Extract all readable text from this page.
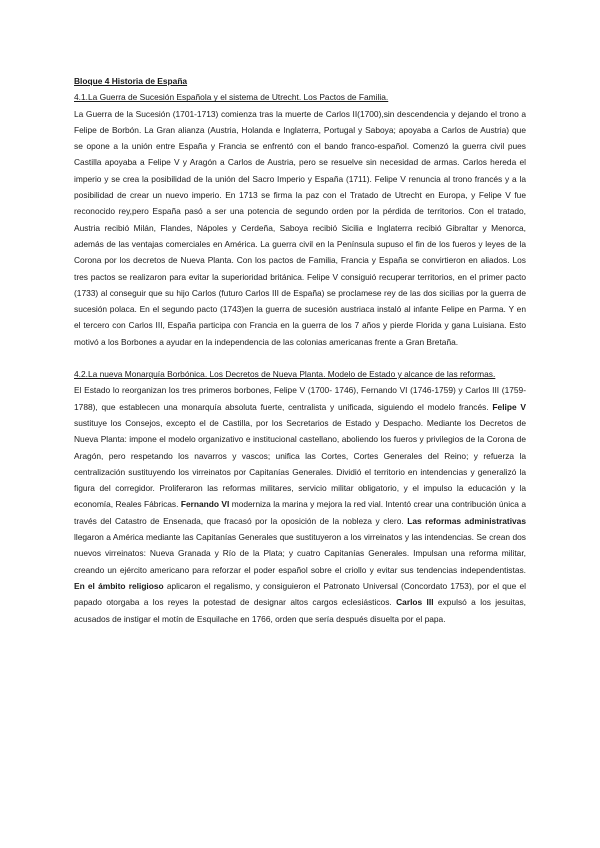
Bloque 4 Historia de España
4.1.La Guerra de Sucesión Española y el sistema de Utrecht. Los Pactos de Familia.

La Guerra de la Sucesión (1701-1713) comienza tras la muerte de Carlos II(1700),sin descendencia y dejando el trono a Felipe de Borbón. La Gran alianza (Austria, Holanda e Inglaterra, Portugal y Saboya; apoyaba a Carlos de Austria) que se opone a la unión entre España y Francia se enfrentó con el bando franco-español. Comenzó la guerra civil pues Castilla apoyaba a Felipe V y Aragón a Carlos de Austria, pero se resuelve sin necesidad de armas. Carlos hereda el imperio y se crea la posibilidad de la unión del Sacro Imperio y España (1711). Felipe V renuncia al trono francés y a la posibilidad de crear un nuevo imperio. En 1713 se firma la paz con el Tratado de Utrecht en Europa, y Felipe V fue reconocido rey,pero España pasó a ser una potencia de segundo orden por la pérdida de territorios. Con el tratado, Austria recibió Milán, Flandes, Nápoles y Cerdeña, Saboya recibió Sicilia e Inglaterra recibió Gibraltar y Menorca, además de las ventajas comerciales en América. La guerra civil en la Península supuso el fin de los fueros y leyes de la Corona por los decretos de Nueva Planta. Con los pactos de Familia, Francia y España se convirtieron en aliados. Los tres pactos se realizaron para evitar la superioridad británica. Felipe V consiguió recuperar territorios, en el primer pacto (1733) al conseguir que su hijo Carlos (futuro Carlos III de España) se proclamese rey de las dos sicilias por la guerra de sucesión polaca. En el segundo pacto (1743)en la guerra de sucesión austriaca instaló al infante Felipe en Parma. Y en el tercero con Carlos III, España participa con Francia en la guerra de los 7 años y pierde Florida y gana Luisiana. Esto motivó a los Borbones a ayudar en la independencia de las colonias americanas frente a Gran Bretaña.

4.2.La nueva Monarquía Borbónica. Los Decretos de Nueva Planta. Modelo de Estado y alcance de las reformas.

El Estado lo reorganizan los tres primeros borbones, Felipe V (1700- 1746), Fernando VI (1746-1759) y Carlos III (1759-1788), que establecen una monarquía absoluta fuerte, centralista y unificada, siguiendo el modelo francés. Felipe V sustituye los Consejos, excepto el de Castilla, por los Secretarios de Estado y Despacho. Mediante los Decretos de Nueva Planta: impone el modelo organizativo e institucional castellano, aboliendo los fueros y privilegios de la Corona de Aragón, pero respetando los navarros y vascos; unifica las Cortes, Cortes Generales del Reino; y refuerza la centralización sustituyendo los virreinatos por Capitanías Generales. Dividió el territorio en intendencias y generalizó la figura del corregidor. Proliferaron las reformas militares, servicio militar obligatorio, y el impulso la educación y la economía, Reales Fábricas. Fernando VI moderniza la marina y mejora la red vial. Intentó crear una contribución única a través del Catastro de Ensenada, que fracasó por la oposición de la nobleza y clero. Las reformas administrativas llegaron a América mediante las Capitanías Generales que sustituyeron a los virreinatos y las intendencias. Se crean dos nuevos virreinatos: Nueva Granada y Río de la Plata; y cuatro Capitanías Generales. Impulsan una reforma militar, creando un ejército americano para reforzar el poder español sobre el criollo y evitar sus tendencias independentistas. En el ámbito religioso aplicaron el regalismo, y consiguieron el Patronato Universal (Concordato 1753), por el que el papado otorgaba a los reyes la potestad de designar altos cargos eclesiásticos. Carlos III expulsó a los jesuitas, acusados de instigar el motín de Esquilache en 1766, orden que sería después disuelta por el papa.
